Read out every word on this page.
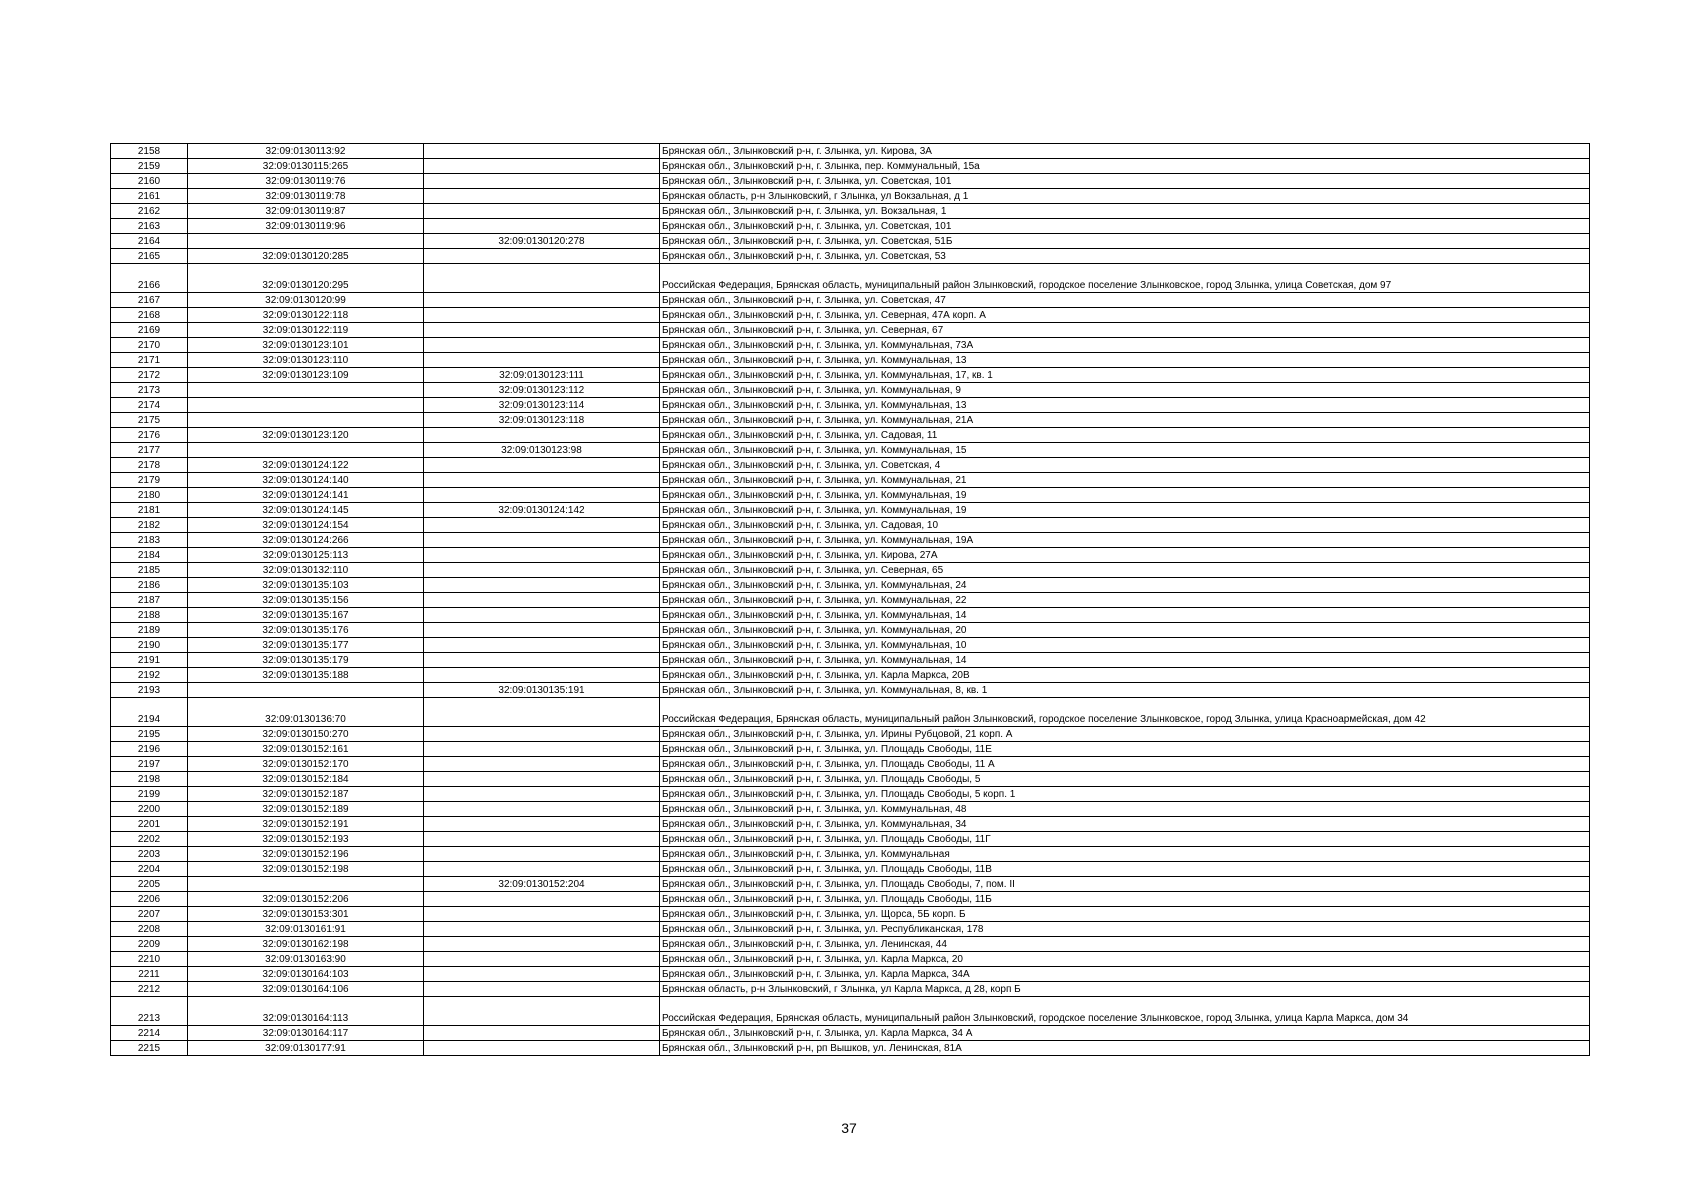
2158	32:09:0130113:92		Брянская обл., Злынковский р-н, г. Злынка, ул. Кирова, 3А
2159	32:09:0130115:265		Брянская обл., Злынковский р-н, г. Злынка, пер. Коммунальный, 15а
2160	32:09:0130119:76		Брянская обл., Злынковский р-н, г. Злынка, ул. Советская, 101
2161	32:09:0130119:78		Брянская область, р-н Злынковский, г Злынка, ул Вокзальная, д 1
2162	32:09:0130119:87		Брянская обл., Злынковский р-н, г. Злынка, ул. Вокзальная, 1
2163	32:09:0130119:96		Брянская обл., Злынковский р-н, г. Злынка, ул. Советская, 101
2164		32:09:0130120:278	Брянская обл., Злынковский р-н, г. Злынка, ул. Советская, 51Б
2165	32:09:0130120:285		Брянская обл., Злынковский р-н, г. Злынка, ул. Советская, 53
2166	32:09:0130120:295		Российская Федерация, Брянская область, муниципальный район Злынковский, городское поселение Злынковское, город Злынка, улица Советская, дом 97
2167	32:09:0130120:99		Брянская обл., Злынковский р-н, г. Злынка, ул. Советская, 47
2168	32:09:0130122:118		Брянская обл., Злынковский р-н, г. Злынка, ул. Северная, 47А корп. А
2169	32:09:0130122:119		Брянская обл., Злынковский р-н, г. Злынка, ул. Северная, 67
2170	32:09:0130123:101		Брянская обл., Злынковский р-н, г. Злынка, ул. Коммунальная, 73А
2171	32:09:0130123:110		Брянская обл., Злынковский р-н, г. Злынка, ул. Коммунальная, 13
2172	32:09:0130123:109	32:09:0130123:111	Брянская обл., Злынковский р-н, г. Злынка, ул. Коммунальная, 17, кв. 1
2173		32:09:0130123:112	Брянская обл., Злынковский р-н, г. Злынка, ул. Коммунальная, 9
2174		32:09:0130123:114	Брянская обл., Злынковский р-н, г. Злынка, ул. Коммунальная, 13
2175		32:09:0130123:118	Брянская обл., Злынковский р-н, г. Злынка, ул. Коммунальная, 21А
2176	32:09:0130123:120		Брянская обл., Злынковский р-н, г. Злынка, ул. Садовая, 11
2177		32:09:0130123:98	Брянская обл., Злынковский р-н, г. Злынка, ул. Коммунальная, 15
2178	32:09:0130124:122		Брянская обл., Злынковский р-н, г. Злынка, ул. Советская, 4
2179	32:09:0130124:140		Брянская обл., Злынковский р-н, г. Злынка, ул. Коммунальная, 21
2180	32:09:0130124:141		Брянская обл., Злынковский р-н, г. Злынка, ул. Коммунальная, 19
2181	32:09:0130124:145	32:09:0130124:142	Брянская обл., Злынковский р-н, г. Злынка, ул. Коммунальная, 19
2182	32:09:0130124:154		Брянская обл., Злынковский р-н, г. Злынка, ул. Садовая, 10
2183	32:09:0130124:266		Брянская обл., Злынковский р-н, г. Злынка, ул. Коммунальная, 19А
2184	32:09:0130125:113		Брянская обл., Злынковский р-н, г. Злынка, ул. Кирова, 27А
2185	32:09:0130132:110		Брянская обл., Злынковский р-н, г. Злынка, ул. Северная, 65
2186	32:09:0130135:103		Брянская обл., Злынковский р-н, г. Злынка, ул. Коммунальная, 24
2187	32:09:0130135:156		Брянская обл., Злынковский р-н, г. Злынка, ул. Коммунальная, 22
2188	32:09:0130135:167		Брянская обл., Злынковский р-н, г. Злынка, ул. Коммунальная, 14
2189	32:09:0130135:176		Брянская обл., Злынковский р-н, г. Злынка, ул. Коммунальная, 20
2190	32:09:0130135:177		Брянская обл., Злынковский р-н, г. Злынка, ул. Коммунальная, 10
2191	32:09:0130135:179		Брянская обл., Злынковский р-н, г. Злынка, ул. Коммунальная, 14
2192	32:09:0130135:188		Брянская обл., Злынковский р-н, г. Злынка, ул. Карла Маркса, 20В
2193		32:09:0130135:191	Брянская обл., Злынковский р-н, г. Злынка, ул. Коммунальная, 8, кв. 1
2194	32:09:0130136:70		Российская Федерация, Брянская область, муниципальный район Злынковский, городское поселение Злынковское, город Злынка, улица Красноармейская, дом 42
2195	32:09:0130150:270		Брянская обл., Злынковский р-н, г. Злынка, ул. Ирины Рубцовой, 21 корп. А
2196	32:09:0130152:161		Брянская обл., Злынковский р-н, г. Злынка, ул. Площадь Свободы, 11Е
2197	32:09:0130152:170		Брянская обл., Злынковский р-н, г. Злынка, ул. Площадь Свободы, 11 А
2198	32:09:0130152:184		Брянская обл., Злынковский р-н, г. Злынка, ул. Площадь Свободы, 5
2199	32:09:0130152:187		Брянская обл., Злынковский р-н, г. Злынка, ул. Площадь Свободы, 5 корп. 1
2200	32:09:0130152:189		Брянская обл., Злынковский р-н, г. Злынка, ул. Коммунальная, 48
2201	32:09:0130152:191		Брянская обл., Злынковский р-н, г. Злынка, ул. Коммунальная, 34
2202	32:09:0130152:193		Брянская обл., Злынковский р-н, г. Злынка, ул. Площадь Свободы, 11Г
2203	32:09:0130152:196		Брянская обл., Злынковский р-н, г. Злынка, ул. Коммунальная
2204	32:09:0130152:198		Брянская обл., Злынковский р-н, г. Злынка, ул. Площадь Свободы, 11В
2205		32:09:0130152:204	Брянская обл., Злынковский р-н, г. Злынка, ул. Площадь Свободы, 7, пом. II
2206	32:09:0130152:206		Брянская обл., Злынковский р-н, г. Злынка, ул. Площадь Свободы, 11Б
2207	32:09:0130153:301		Брянская обл., Злынковский р-н, г. Злынка, ул. Щорса, 5Б корп. Б
2208	32:09:0130161:91		Брянская обл., Злынковский р-н, г. Злынка, ул. Республиканская, 178
2209	32:09:0130162:198		Брянская обл., Злынковский р-н, г. Злынка, ул. Ленинская, 44
2210	32:09:0130163:90		Брянская обл., Злынковский р-н, г. Злынка, ул. Карла Маркса, 20
2211	32:09:0130164:103		Брянская обл., Злынковский р-н, г. Злынка, ул. Карла Маркса, 34А
2212	32:09:0130164:106		Брянская область, р-н Злынковский, г Злынка, ул Карла Маркса, д 28, корп Б
2213	32:09:0130164:113		Российская Федерация, Брянская область, муниципальный район Злынковский, городское поселение Злынковское, город Злынка, улица Карла Маркса, дом 34
2214	32:09:0130164:117		Брянская обл., Злынковский р-н, г. Злынка, ул. Карла Маркса, 34 А
2215	32:09:0130177:91		Брянская обл., Злынковский р-н, рп Вышков, ул. Ленинская, 81А
37
